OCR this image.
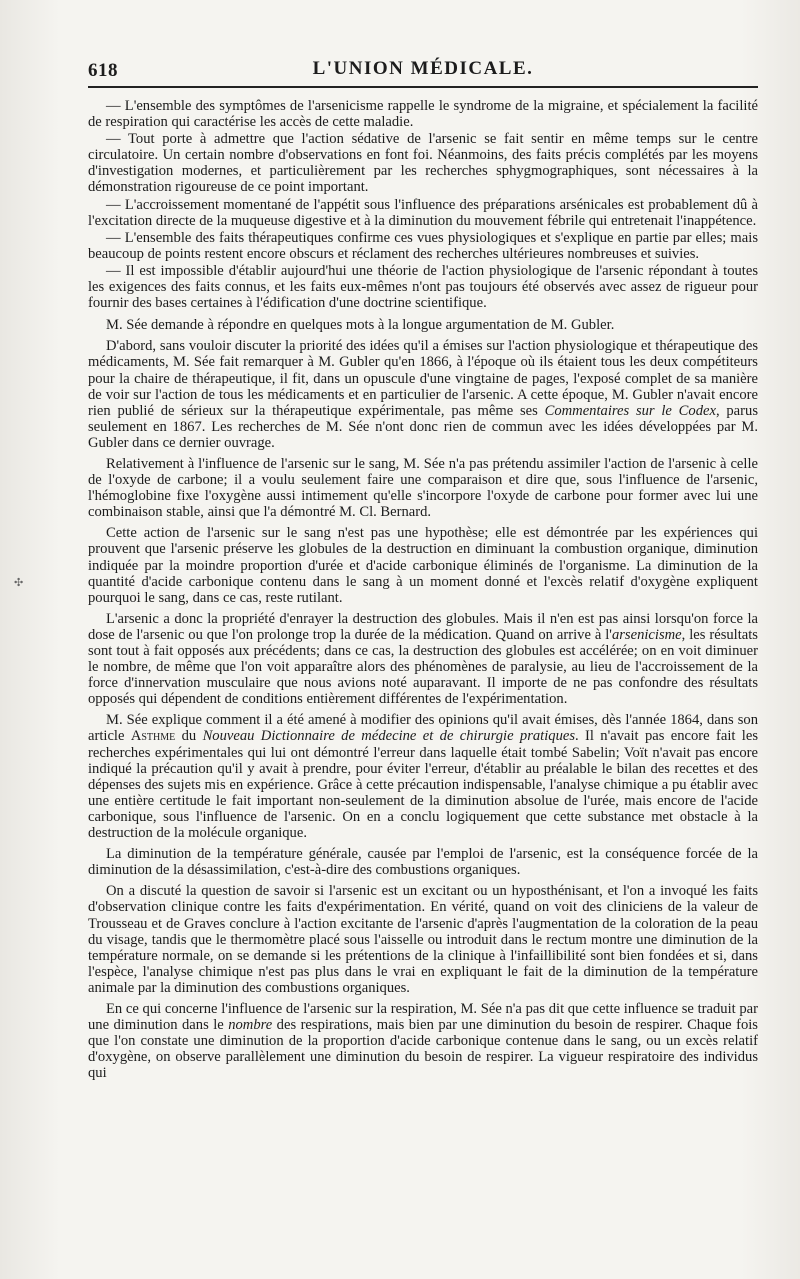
618	L'UNION MÉDICALE.
✣

— L'ensemble des symptômes de l'arsenicisme rappelle le syndrome de la migraine, et spécialement la facilité de respiration qui caractérise les accès de cette maladie.

— Tout porte à admettre que l'action sédative de l'arsenic se fait sentir en même temps sur le centre circulatoire. Un certain nombre d'observations en font foi. Néanmoins, des faits précis complétés par les moyens d'investigation modernes, et particulièrement par les recherches sphygmographiques, sont nécessaires à la démonstration rigoureuse de ce point important.

— L'accroissement momentané de l'appétit sous l'influence des préparations arsénicales est probablement dû à l'excitation directe de la muqueuse digestive et à la diminution du mouvement fébrile qui entretenait l'inappétence.

— L'ensemble des faits thérapeutiques confirme ces vues physiologiques et s'explique en partie par elles; mais beaucoup de points restent encore obscurs et réclament des recherches ultérieures nombreuses et suivies.

— Il est impossible d'établir aujourd'hui une théorie de l'action physiologique de l'arsenic répondant à toutes les exigences des faits connus, et les faits eux-mêmes n'ont pas toujours été observés avec assez de rigueur pour fournir des bases certaines à l'édification d'une doctrine scientifique.

M. Sée demande à répondre en quelques mots à la longue argumentation de M. Gubler.

D'abord, sans vouloir discuter la priorité des idées qu'il a émises sur l'action physiologique et thérapeutique des médicaments, M. Sée fait remarquer à M. Gubler qu'en 1866, à l'époque où ils étaient tous les deux compétiteurs pour la chaire de thérapeutique, il fit, dans un opuscule d'une vingtaine de pages, l'exposé complet de sa manière de voir sur l'action de tous les médicaments et en particulier de l'arsenic. A cette époque, M. Gubler n'avait encore rien publié de sérieux sur la thérapeutique expérimentale, pas même ses Commentaires sur le Codex, parus seulement en 1867. Les recherches de M. Sée n'ont donc rien de commun avec les idées développées par M. Gubler dans ce dernier ouvrage.

Relativement à l'influence de l'arsenic sur le sang, M. Sée n'a pas prétendu assimiler l'action de l'arsenic à celle de l'oxyde de carbone; il a voulu seulement faire une comparaison et dire que, sous l'influence de l'arsenic, l'hémoglobine fixe l'oxygène aussi intimement qu'elle s'incorpore l'oxyde de carbone pour former avec lui une combinaison stable, ainsi que l'a démontré M. Cl. Bernard.

Cette action de l'arsenic sur le sang n'est pas une hypothèse; elle est démontrée par les expériences qui prouvent que l'arsenic préserve les globules de la destruction en diminuant la combustion organique, diminution indiquée par la moindre proportion d'urée et d'acide carbonique éliminés de l'organisme. La diminution de la quantité d'acide carbonique contenu dans le sang à un moment donné et l'excès relatif d'oxygène expliquent pourquoi le sang, dans ce cas, reste rutilant.

L'arsenic a donc la propriété d'enrayer la destruction des globules. Mais il n'en est pas ainsi lorsqu'on force la dose de l'arsenic ou que l'on prolonge trop la durée de la médication. Quand on arrive à l'arsenicisme, les résultats sont tout à fait opposés aux précédents; dans ce cas, la destruction des globules est accélérée; on en voit diminuer le nombre, de même que l'on voit apparaître alors des phénomènes de paralysie, au lieu de l'accroissement de la force d'innervation musculaire que nous avions noté auparavant. Il importe de ne pas confondre des résultats opposés qui dépendent de conditions entièrement différentes de l'expérimentation.

M. Sée explique comment il a été amené à modifier des opinions qu'il avait émises, dès l'année 1864, dans son article Asthme du Nouveau Dictionnaire de médecine et de chirurgie pratiques. Il n'avait pas encore fait les recherches expérimentales qui lui ont démontré l'erreur dans laquelle était tombé Sabelin; Voït n'avait pas encore indiqué la précaution qu'il y avait à prendre, pour éviter l'erreur, d'établir au préalable le bilan des recettes et des dépenses des sujets mis en expérience. Grâce à cette précaution indispensable, l'analyse chimique a pu établir avec une entière certitude le fait important non-seulement de la diminution absolue de l'urée, mais encore de l'acide carbonique, sous l'influence de l'arsenic. On en a conclu logiquement que cette substance met obstacle à la destruction de la molécule organique.

La diminution de la température générale, causée par l'emploi de l'arsenic, est la conséquence forcée de la diminution de la désassimilation, c'est-à-dire des combustions organiques.

On a discuté la question de savoir si l'arsenic est un excitant ou un hyposthénisant, et l'on a invoqué les faits d'observation clinique contre les faits d'expérimentation. En vérité, quand on voit des cliniciens de la valeur de Trousseau et de Graves conclure à l'action excitante de l'arsenic d'après l'augmentation de la coloration de la peau du visage, tandis que le thermomètre placé sous l'aisselle ou introduit dans le rectum montre une diminution de la température normale, on se demande si les prétentions de la clinique à l'infaillibilité sont bien fondées et si, dans l'espèce, l'analyse chimique n'est pas plus dans le vrai en expliquant le fait de la diminution de la température animale par la diminution des combustions organiques.

En ce qui concerne l'influence de l'arsenic sur la respiration, M. Sée n'a pas dit que cette influence se traduit par une diminution dans le nombre des respirations, mais bien par une diminution du besoin de respirer. Chaque fois que l'on constate une diminution de la proportion d'acide carbonique contenue dans le sang, ou un excès relatif d'oxygène, on observe parallèlement une diminution du besoin de respirer. La vigueur respiratoire des individus qui
